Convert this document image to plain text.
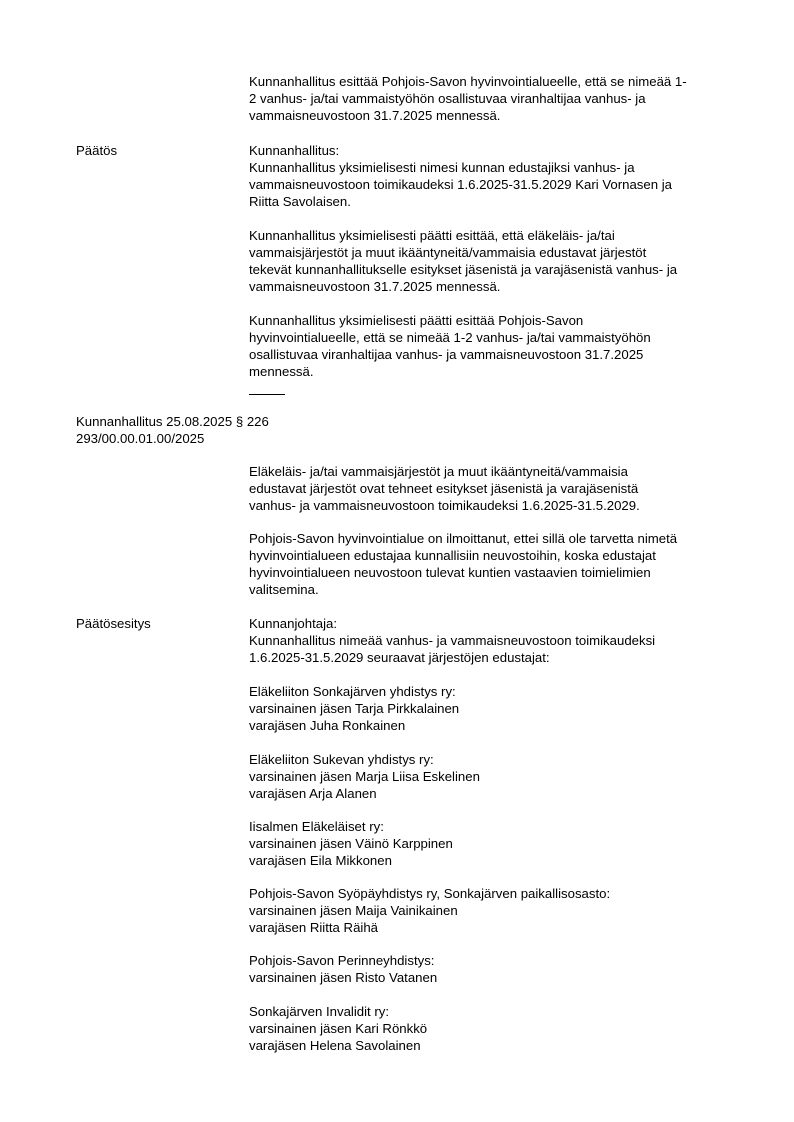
Kunnanhallitus esittää Pohjois-Savon hyvinvointialueelle, että se nimeää 1-
2 vanhus- ja/tai vammaistyöhön osallistuvaa viranhaltijaa vanhus- ja
vammaisneuvostoon 31.7.2025 mennessä.
Päätös	Kunnanhallitus:
Kunnanhallitus yksimielisesti nimesi kunnan edustajiksi vanhus- ja
vammaisneuvostoon toimikaudeksi 1.6.2025-31.5.2029 Kari Vornasen ja
Riitta Savolaisen.
Kunnanhallitus yksimielisesti päätti esittää, että eläkeläis- ja/tai
vammaisjärjestöt ja muut ikääntyneitä/vammaisia edustavat järjestöt
tekevät kunnanhallitukselle esitykset jäsenistä ja varajäsenistä vanhus- ja
vammaisneuvostoon 31.7.2025 mennessä.
Kunnanhallitus yksimielisesti päätti esittää Pohjois-Savon
hyvinvointialueelle, että se nimeää 1-2 vanhus- ja/tai vammaistyöhön
osallistuvaa viranhaltijaa vanhus- ja vammaisneuvostoon 31.7.2025
mennessä.
Kunnanhallitus 25.08.2025 § 226
293/00.00.01.00/2025
Eläkeläis- ja/tai vammaisjärjestöt ja muut ikääntyneitä/vammaisia
edustavat järjestöt ovat tehneet esitykset jäsenistä ja varajäsenistä
vanhus- ja vammaisneuvostoon toimikaudeksi 1.6.2025-31.5.2029.
Pohjois-Savon hyvinvointialue on ilmoittanut, ettei sillä ole tarvetta nimetä
hyvinvointialueen edustajaa kunnallisiin neuvostoihin, koska edustajat
hyvinvointialueen neuvostoon tulevat kuntien vastaavien toimielimien
valitsemina.
Päätösesitys	Kunnanjohtaja:
Kunnanhallitus nimeää vanhus- ja vammaisneuvostoon toimikaudeksi
1.6.2025-31.5.2029 seuraavat järjestöjen edustajat:
Eläkeliiton Sonkajärven yhdistys ry:
varsinainen jäsen Tarja Pirkkalainen
varajäsen Juha Ronkainen
Eläkeliiton Sukevan yhdistys ry:
varsinainen jäsen Marja Liisa Eskelinen
varajäsen Arja Alanen
Iisalmen Eläkeläiset ry:
varsinainen jäsen Väinö Karppinen
varajäsen Eila Mikkonen
Pohjois-Savon Syöpäyhdistys ry, Sonkajärven paikallisosasto:
varsinainen jäsen Maija Vainikainen
varajäsen Riitta Räihä
Pohjois-Savon Perinneyhdistys:
varsinainen jäsen Risto Vatanen
Sonkajärven Invalidit ry:
varsinainen jäsen Kari Rönkkö
varajäsen Helena Savolainen
